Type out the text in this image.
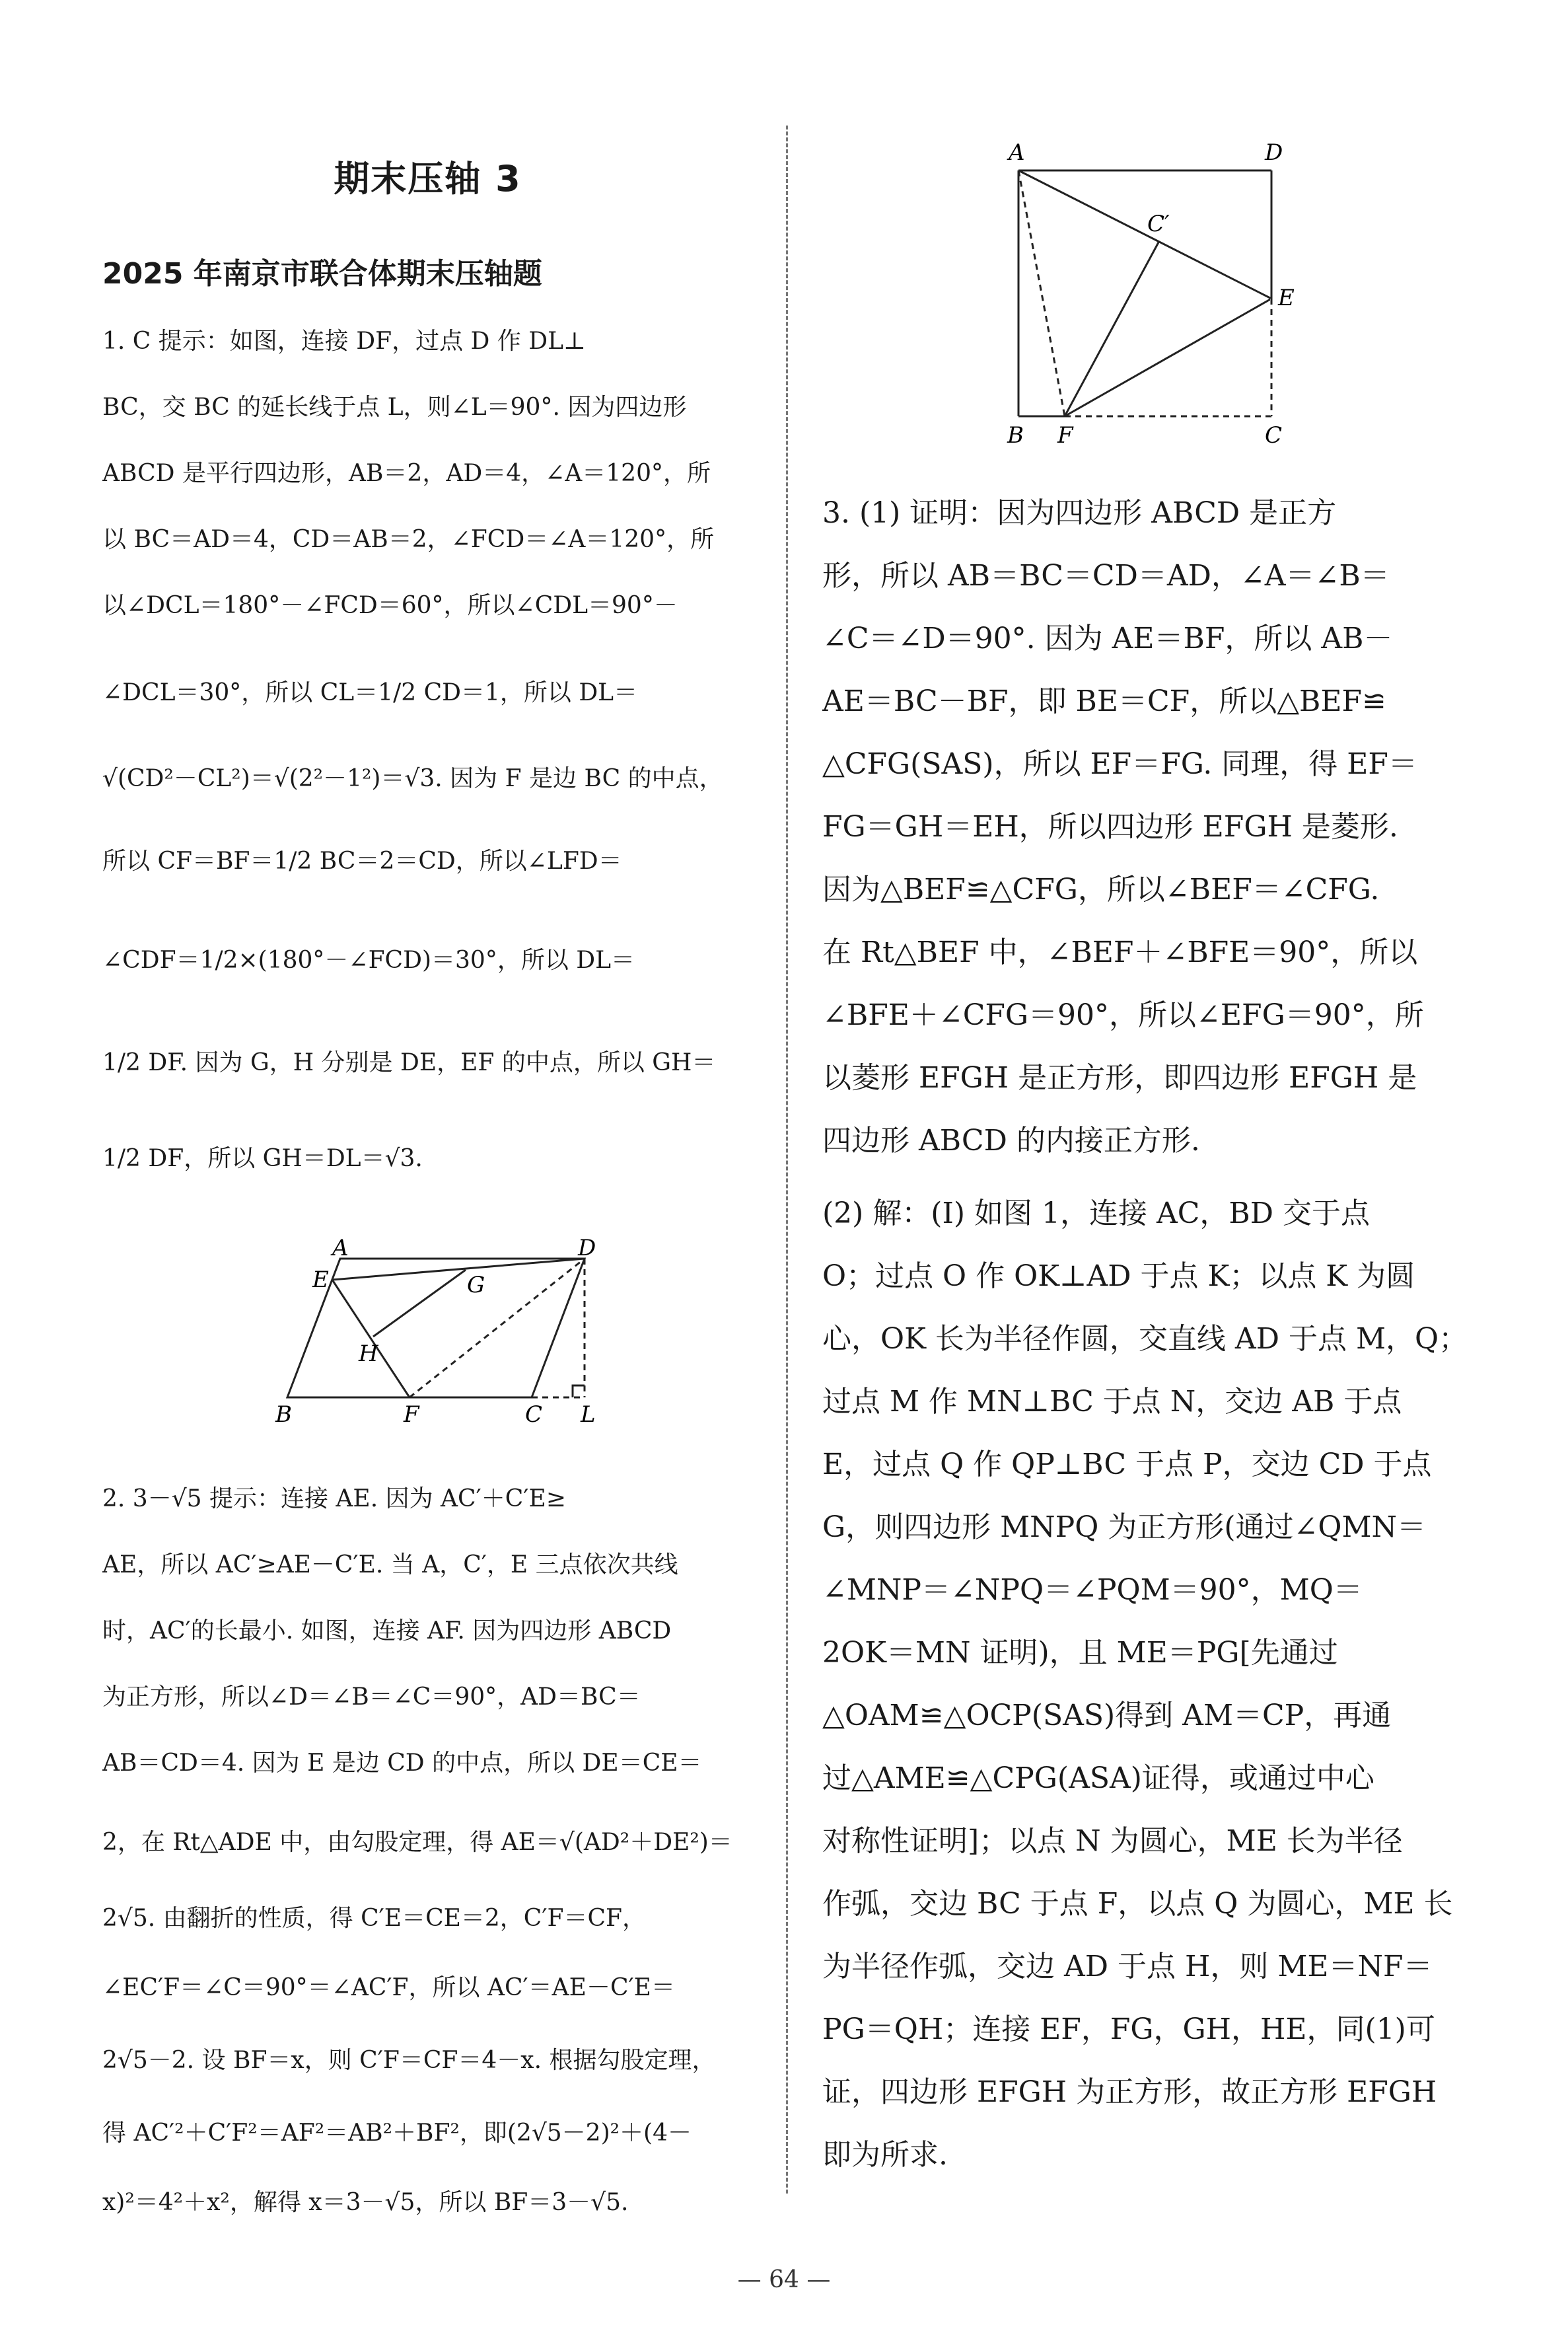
期末压轴 3
2025 年南京市联合体期末压轴题
1. C 提示：如图，连接 DF，过点 D 作 DL⊥
BC，交 BC 的延长线于点 L，则∠L＝90°. 因为四边形
ABCD 是平行四边形，AB＝2，AD＝4，∠A＝120°，所
以 BC＝AD＝4，CD＝AB＝2，∠FCD＝∠A＝120°，所
以∠DCL＝180°－∠FCD＝60°，所以∠CDL＝90°－
∠DCL＝30°，所以 CL＝1/2 CD＝1，所以 DL＝
√(CD²－CL²)＝√(2²－1²)＝√3. 因为 F 是边 BC 的中点，
所以 CF＝BF＝1/2 BC＝2＝CD，所以∠LFD＝
∠CDF＝1/2×(180°－∠FCD)＝30°，所以 DL＝
1/2 DF. 因为 G，H 分别是 DE，EF 的中点，所以 GH＝
1/2 DF，所以 GH＝DL＝√3.
A	D
E	G
H
B	F	C L
2. 3－√5 提示：连接 AE. 因为 AC′＋C′E≥
AE，所以 AC′≥AE－C′E. 当 A，C′，E 三点依次共线
时，AC′的长最小. 如图，连接 AF. 因为四边形 ABCD
为正方形，所以∠D＝∠B＝∠C＝90°，AD＝BC＝
AB＝CD＝4. 因为 E 是边 CD 的中点，所以 DE＝CE＝
2，在 Rt△ADE 中，由勾股定理，得 AE＝√(AD²＋DE²)＝
2√5. 由翻折的性质，得 C′E＝CE＝2，C′F＝CF，
∠EC′F＝∠C＝90°＝∠AC′F，所以 AC′＝AE－C′E＝
2√5－2. 设 BF＝x，则 C′F＝CF＝4－x. 根据勾股定理，
得 AC′²＋C′F²＝AF²＝AB²＋BF²，即(2√5－2)²＋(4－
x)²＝4²＋x²，解得 x＝3－√5，所以 BF＝3－√5.
A	D
C′
E
B F	C
3. (1) 证明：因为四边形 ABCD 是正方
形，所以 AB＝BC＝CD＝AD，∠A＝∠B＝
∠C＝∠D＝90°. 因为 AE＝BF，所以 AB－
AE＝BC－BF，即 BE＝CF，所以△BEF≌
△CFG(SAS)，所以 EF＝FG. 同理，得 EF＝
FG＝GH＝EH，所以四边形 EFGH 是菱形.
因为△BEF≌△CFG，所以∠BEF＝∠CFG.
在 Rt△BEF 中，∠BEF＋∠BFE＝90°，所以
∠BFE＋∠CFG＝90°，所以∠EFG＝90°，所
以菱形 EFGH 是正方形，即四边形 EFGH 是
四边形 ABCD 的内接正方形.
(2) 解：(Ⅰ) 如图 1，连接 AC，BD 交于点
O；过点 O 作 OK⊥AD 于点 K；以点 K 为圆
心，OK 长为半径作圆，交直线 AD 于点 M，Q；
过点 M 作 MN⊥BC 于点 N，交边 AB 于点
E，过点 Q 作 QP⊥BC 于点 P，交边 CD 于点
G，则四边形 MNPQ 为正方形(通过∠QMN＝
∠MNP＝∠NPQ＝∠PQM＝90°，MQ＝
2OK＝MN 证明)，且 ME＝PG[先通过
△OAM≌△OCP(SAS)得到 AM＝CP，再通
过△AME≌△CPG(ASA)证得，或通过中心
对称性证明]；以点 N 为圆心，ME 长为半径
作弧，交边 BC 于点 F，以点 Q 为圆心，ME 长
为半径作弧，交边 AD 于点 H，则 ME＝NF＝
PG＝QH；连接 EF，FG，GH，HE，同(1)可
证，四边形 EFGH 为正方形，故正方形 EFGH
即为所求.
— 64 —
